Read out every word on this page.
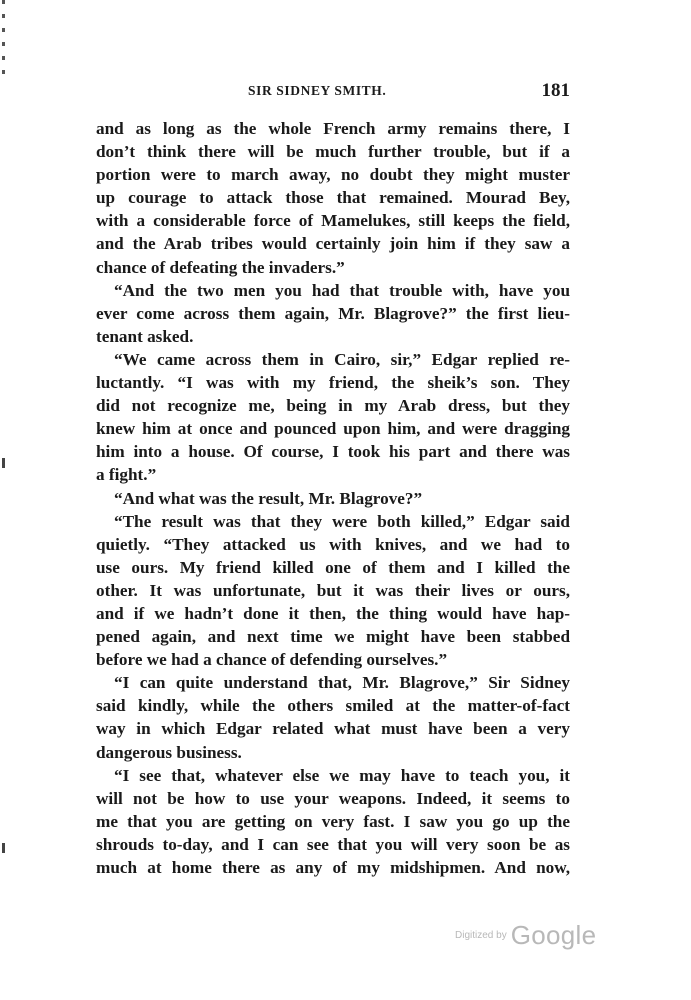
SIR SIDNEY SMITH.	181
and as long as the whole French army remains there, I
don’t think there will be much further trouble, but if a
portion were to march away, no doubt they might muster
up courage to attack those that remained. Mourad Bey,
with a considerable force of Mamelukes, still keeps the field,
and the Arab tribes would certainly join him if they saw a
chance of defeating the invaders.”
“And the two men you had that trouble with, have you
ever come across them again, Mr. Blagrove?” the first lieu-
tenant asked.
“We came across them in Cairo, sir,” Edgar replied re-
luctantly. “I was with my friend, the sheik’s son. They
did not recognize me, being in my Arab dress, but they
knew him at once and pounced upon him, and were dragging
him into a house. Of course, I took his part and there was
a fight.”
“And what was the result, Mr. Blagrove?”
“The result was that they were both killed,” Edgar said
quietly. “They attacked us with knives, and we had to
use ours. My friend killed one of them and I killed the
other. It was unfortunate, but it was their lives or ours,
and if we hadn’t done it then, the thing would have hap-
pened again, and next time we might have been stabbed
before we had a chance of defending ourselves.”
“I can quite understand that, Mr. Blagrove,” Sir Sidney
said kindly, while the others smiled at the matter-of-fact
way in which Edgar related what must have been a very
dangerous business.
“I see that, whatever else we may have to teach you, it
will not be how to use your weapons. Indeed, it seems to
me that you are getting on very fast. I saw you go up the
shrouds to-day, and I can see that you will very soon be as
much at home there as any of my midshipmen. And now,
Digitized by Google
